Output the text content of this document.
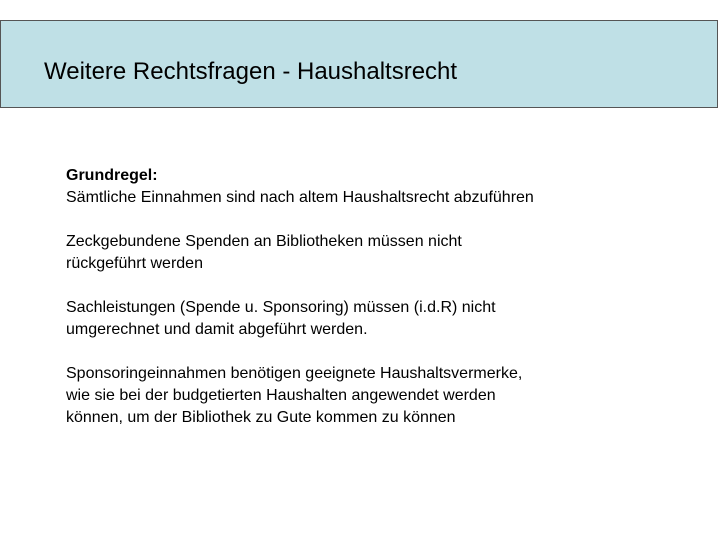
Weitere Rechtsfragen - Haushaltsrecht

Grundregel:
Sämtliche Einnahmen sind nach altem Haushaltsrecht abzuführen

Zeckgebundene Spenden an Bibliotheken müssen nicht
rückgeführt werden

Sachleistungen (Spende u. Sponsoring) müssen (i.d.R) nicht
umgerechnet und damit abgeführt werden.

Sponsoringeinnahmen benötigen geeignete Haushaltsvermerke,
wie sie bei der budgetierten Haushalten angewendet werden
können, um der Bibliothek zu Gute kommen zu können
